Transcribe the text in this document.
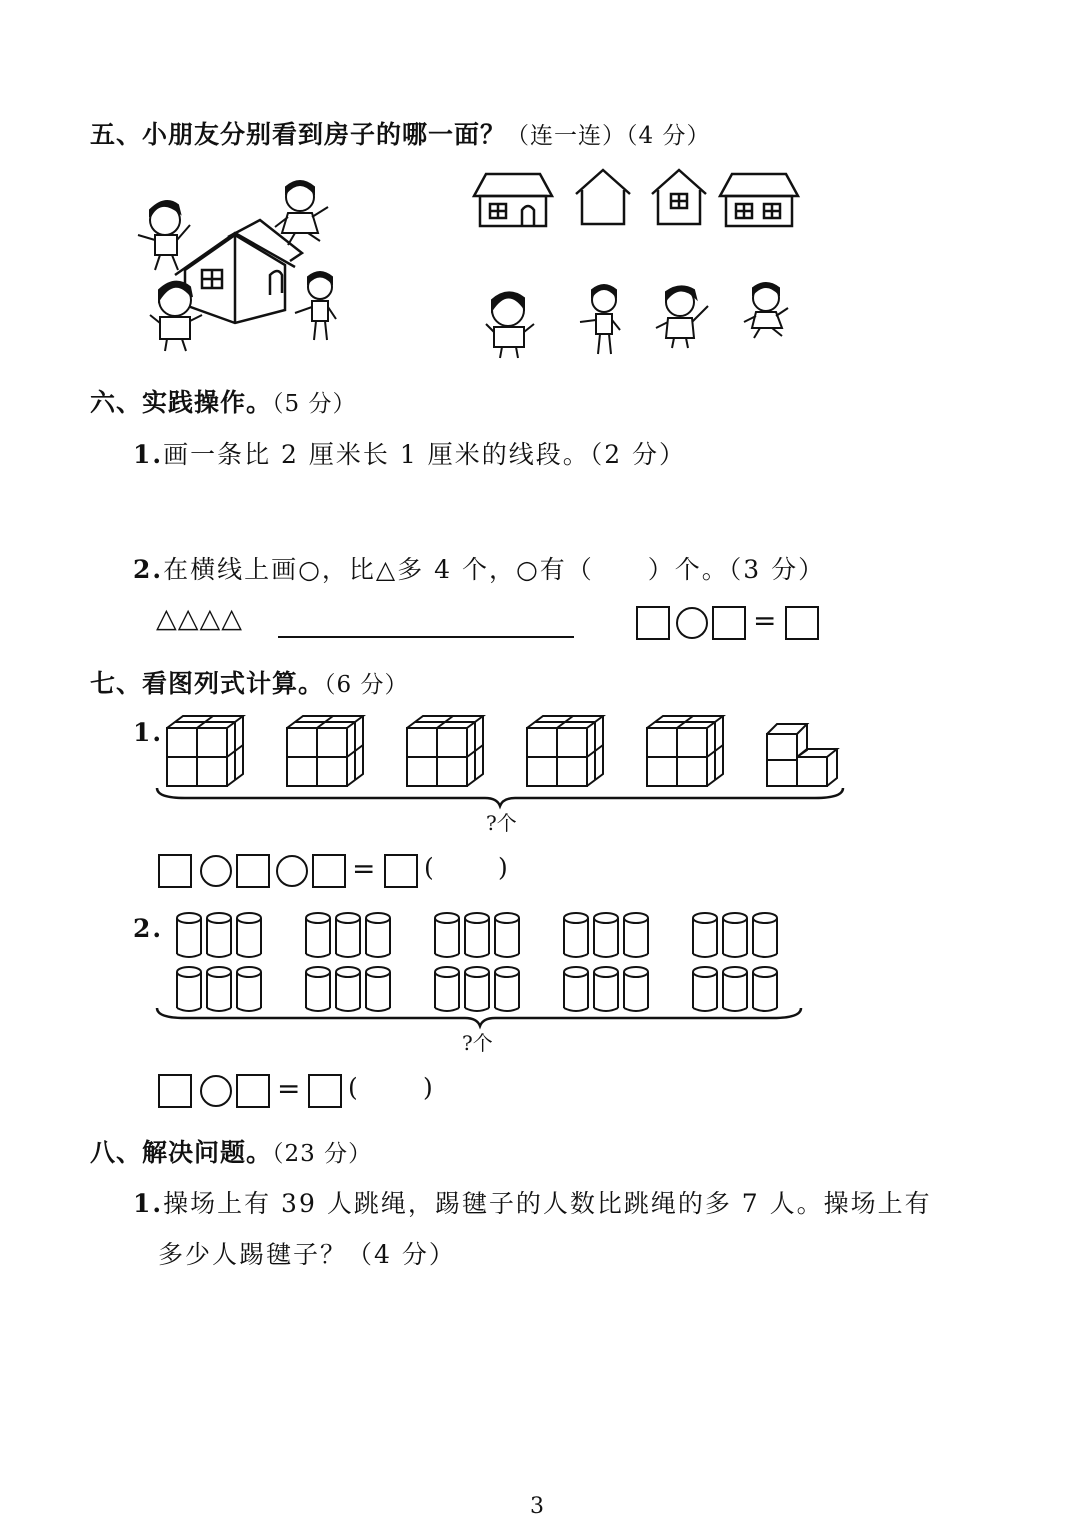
五、小朋友分别看到房子的哪一面？（连一连）（4 分）
六、实践操作。（5 分）
1.画一条比 2 厘米长 1 厘米的线段。（2 分）
2.在横线上画○，比△多 4 个，○有（　　）个。（3 分）
△△△△	=
七、看图列式计算。（6 分）
1.
?个
= (	)
2.
?个
= (	)
八、解决问题。（23 分）
1.操场上有 39 人跳绳，踢毽子的人数比跳绳的多 7 人。操场上有
多少人踢毽子？（4 分）
3
